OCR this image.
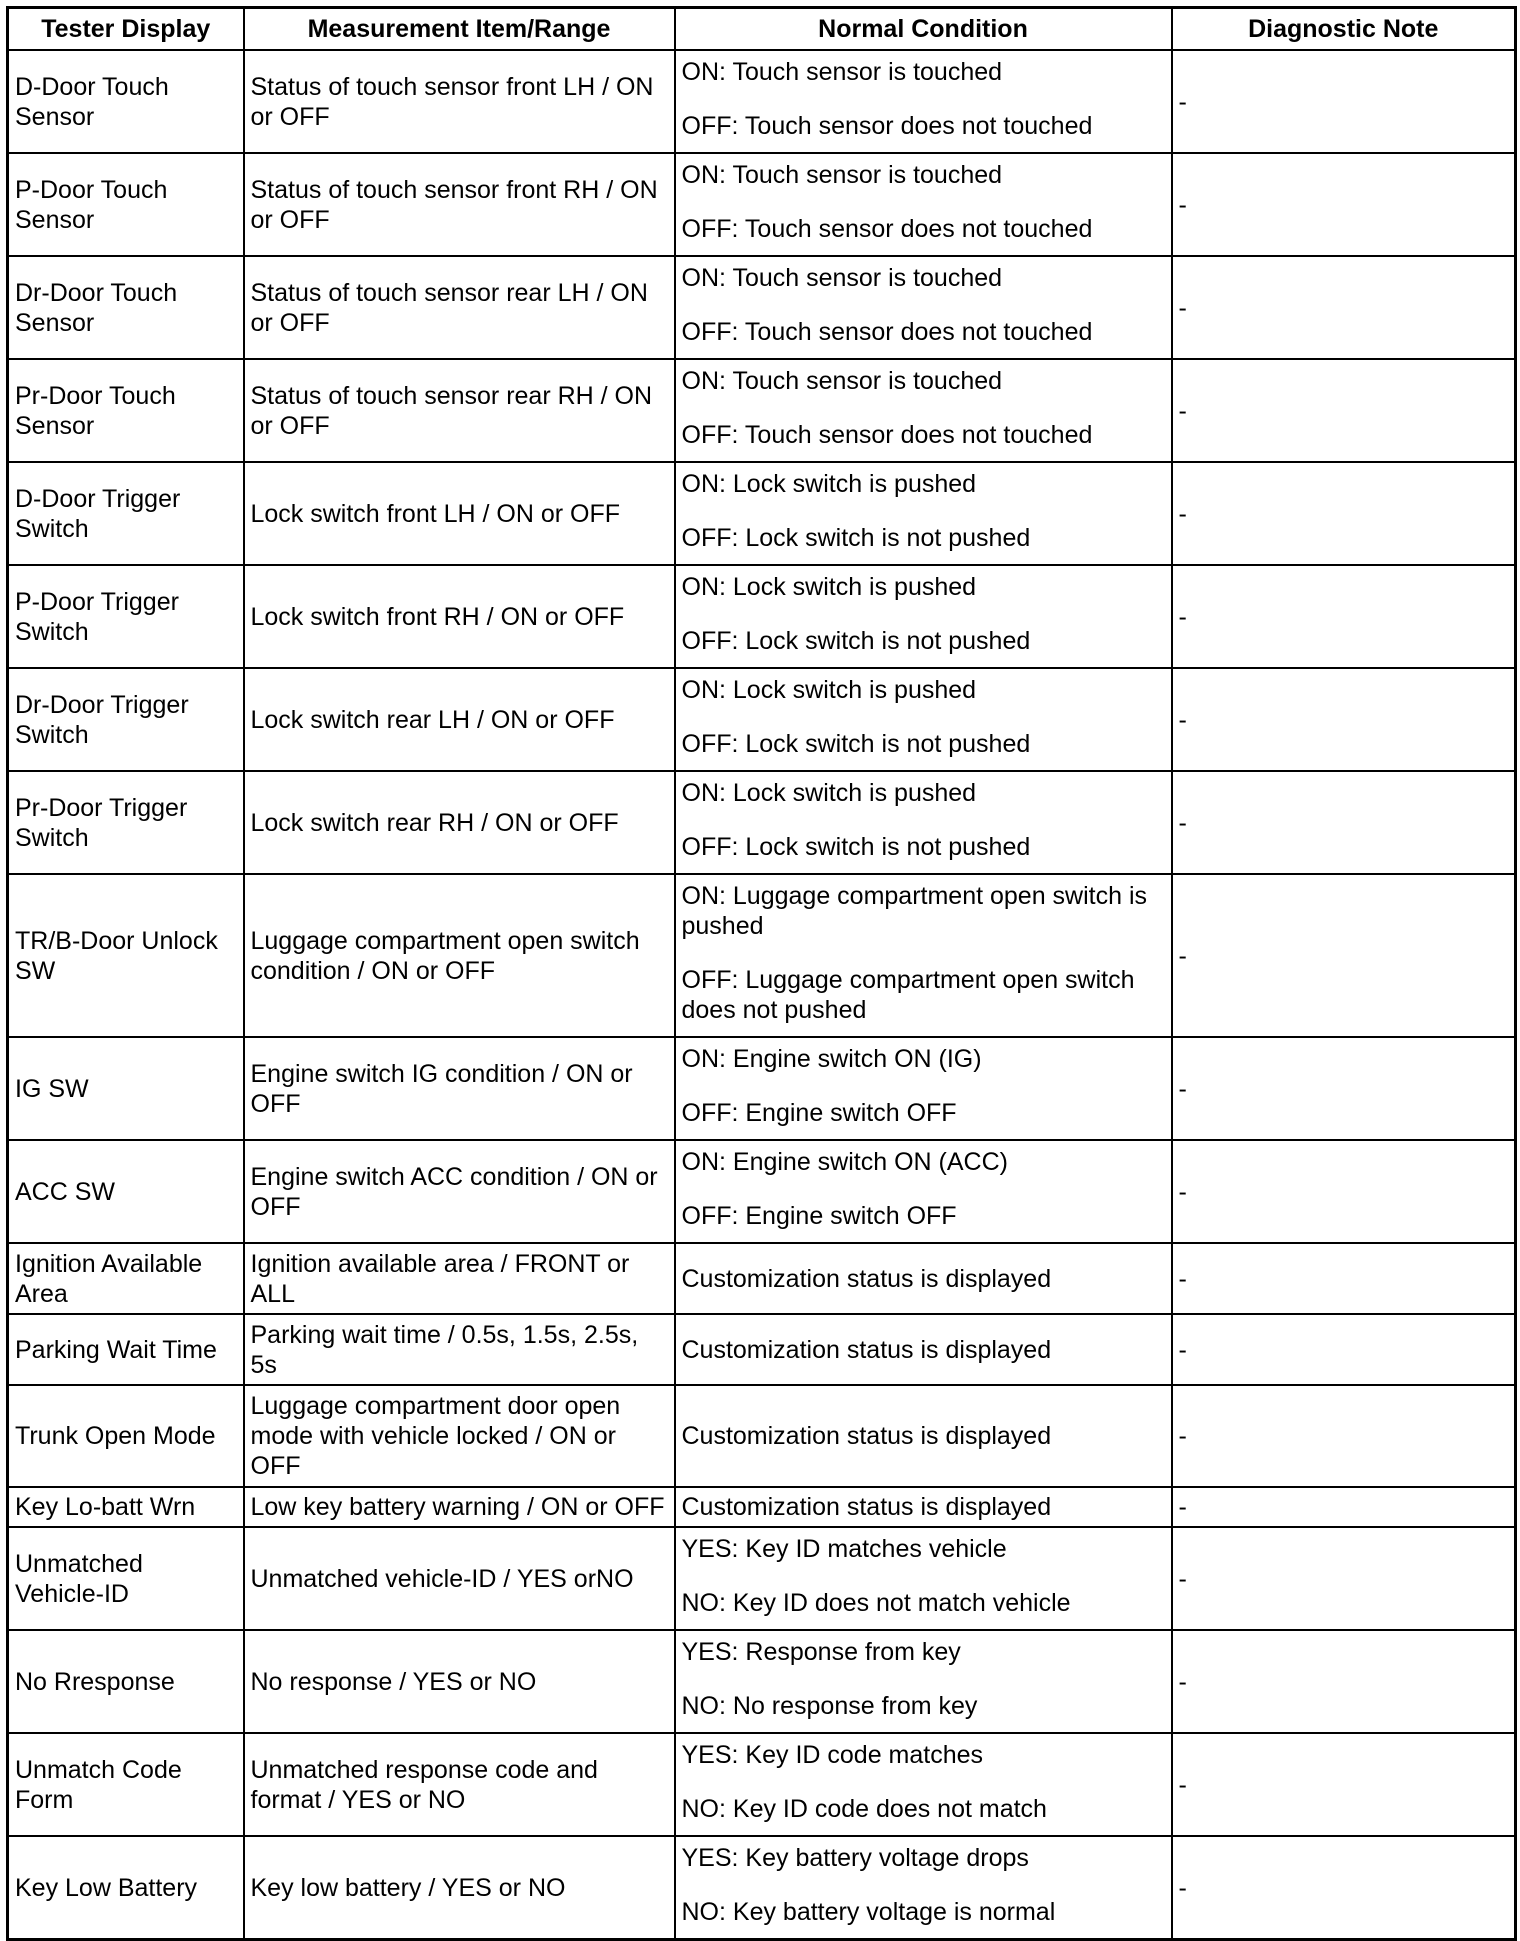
Tester Display	Measurement Item/Range	Normal Condition	Diagnostic Note
D-Door Touch Sensor	Status of touch sensor front LH / ON or OFF	ON: Touch sensor is touched
OFF: Touch sensor does not touched	-
P-Door Touch Sensor	Status of touch sensor front RH / ON or OFF	ON: Touch sensor is touched
OFF: Touch sensor does not touched	-
Dr-Door Touch Sensor	Status of touch sensor rear LH / ON or OFF	ON: Touch sensor is touched
OFF: Touch sensor does not touched	-
Pr-Door Touch Sensor	Status of touch sensor rear RH / ON or OFF	ON: Touch sensor is touched
OFF: Touch sensor does not touched	-
D-Door Trigger Switch	Lock switch front LH / ON or OFF	ON: Lock switch is pushed
OFF: Lock switch is not pushed	-
P-Door Trigger Switch	Lock switch front RH / ON or OFF	ON: Lock switch is pushed
OFF: Lock switch is not pushed	-
Dr-Door Trigger Switch	Lock switch rear LH / ON or OFF	ON: Lock switch is pushed
OFF: Lock switch is not pushed	-
Pr-Door Trigger Switch	Lock switch rear RH / ON or OFF	ON: Lock switch is pushed
OFF: Lock switch is not pushed	-
TR/B-Door Unlock SW	Luggage compartment open switch condition / ON or OFF	ON: Luggage compartment open switch is pushed
OFF: Luggage compartment open switch does not pushed	-
IG SW	Engine switch IG condition / ON or OFF	ON: Engine switch ON (IG)
OFF: Engine switch OFF	-
ACC SW	Engine switch ACC condition / ON or OFF	ON: Engine switch ON (ACC)
OFF: Engine switch OFF	-
Ignition Available Area	Ignition available area / FRONT or ALL	Customization status is displayed	-
Parking Wait Time	Parking wait time / 0.5s, 1.5s, 2.5s, 5s	Customization status is displayed	-
Trunk Open Mode	Luggage compartment door open mode with vehicle locked / ON or OFF	Customization status is displayed	-
Key Lo-batt Wrn	Low key battery warning / ON or OFF	Customization status is displayed	-
Unmatched Vehicle-ID	Unmatched vehicle-ID / YES orNO	YES: Key ID matches vehicle
NO: Key ID does not match vehicle	-
No Rresponse	No response / YES or NO	YES: Response from key
NO: No response from key	-
Unmatch Code Form	Unmatched response code and format / YES or NO	YES: Key ID code matches
NO: Key ID code does not match	-
Key Low Battery	Key low battery / YES or NO	YES: Key battery voltage drops
NO: Key battery voltage is normal	-
